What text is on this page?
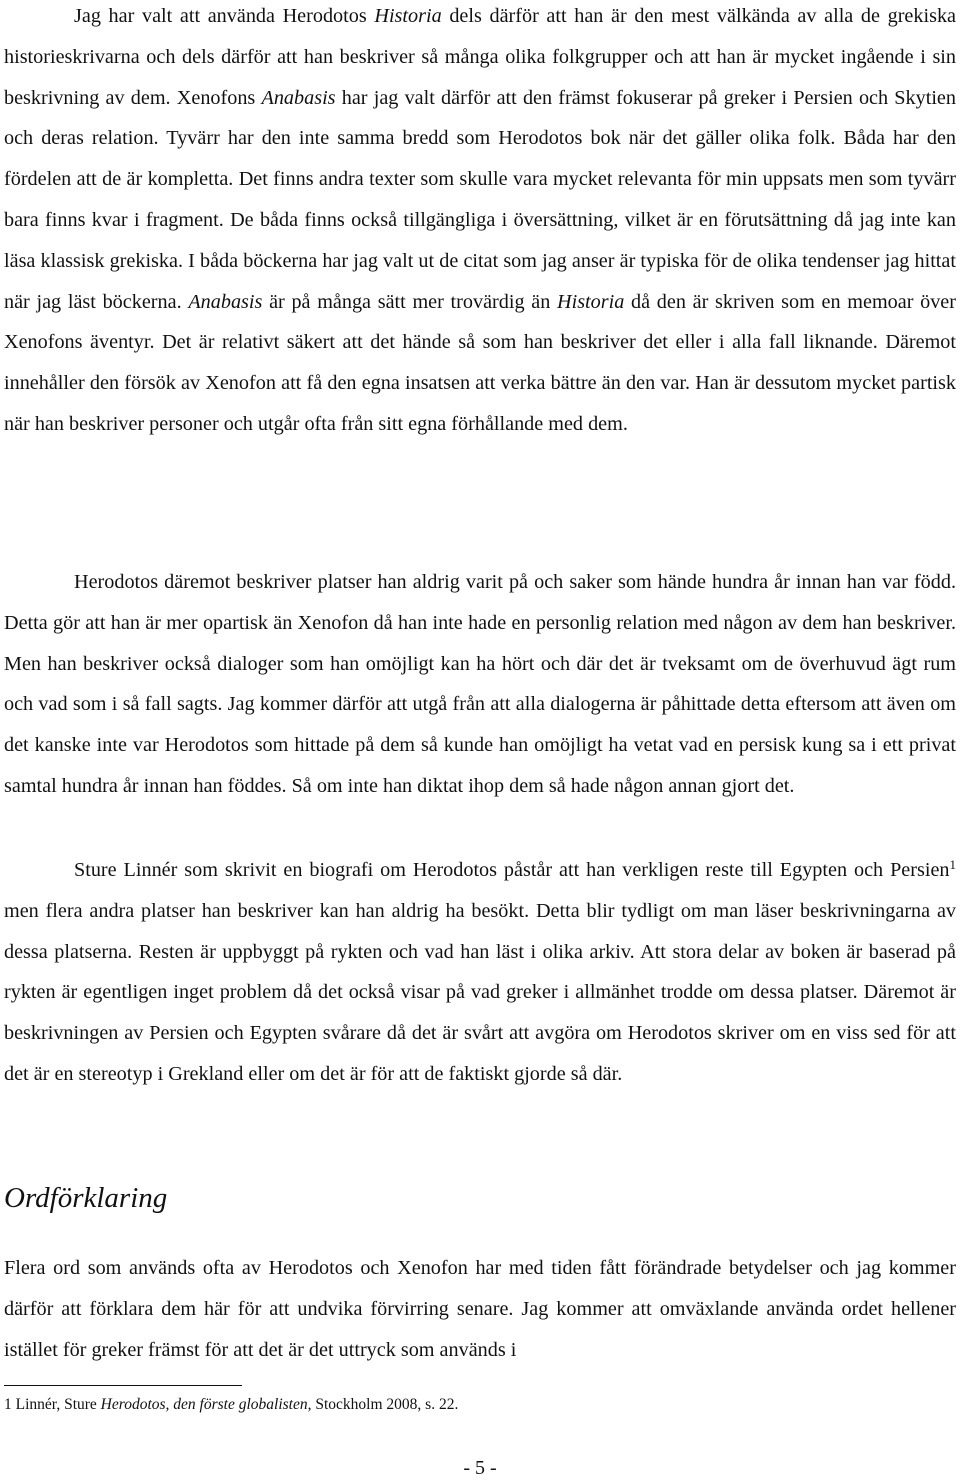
Jag har valt att använda Herodotos Historia dels därför att han är den mest välkända av alla de grekiska historieskrivarna och dels därför att han beskriver så många olika folkgrupper och att han är mycket ingående i sin beskrivning av dem. Xenofons Anabasis har jag valt därför att den främst fokuserar på greker i Persien och Skytien och deras relation. Tyvärr har den inte samma bredd som Herodotos bok när det gäller olika folk. Båda har den fördelen att de är kompletta. Det finns andra texter som skulle vara mycket relevanta för min uppsats men som tyvärr bara finns kvar i fragment. De båda finns också tillgängliga i översättning, vilket är en förutsättning då jag inte kan läsa klassisk grekiska. I båda böckerna har jag valt ut de citat som jag anser är typiska för de olika tendenser jag hittat när jag läst böckerna. Anabasis är på många sätt mer trovärdig än Historia då den är skriven som en memoar över Xenofons äventyr. Det är relativt säkert att det hände så som han beskriver det eller i alla fall liknande. Däremot innehåller den försök av Xenofon att få den egna insatsen att verka bättre än den var. Han är dessutom mycket partisk när han beskriver personer och utgår ofta från sitt egna förhållande med dem.

Herodotos däremot beskriver platser han aldrig varit på och saker som hände hundra år innan han var född. Detta gör att han är mer opartisk än Xenofon då han inte hade en personlig relation med någon av dem han beskriver. Men han beskriver också dialoger som han omöjligt kan ha hört och där det är tveksamt om de överhuvud ägt rum och vad som i så fall sagts. Jag kommer därför att utgå från att alla dialogerna är påhittade detta eftersom att även om det kanske inte var Herodotos som hittade på dem så kunde han omöjligt ha vetat vad en persisk kung sa i ett privat samtal hundra år innan han föddes. Så om inte han diktat ihop dem så hade någon annan gjort det.

Sture Linnér som skrivit en biografi om Herodotos påstår att han verkligen reste till Egypten och Persien$^1$ men flera andra platser han beskriver kan han aldrig ha besökt. Detta blir tydligt om man läser beskrivningarna av dessa platserna. Resten är uppbyggt på rykten och vad han läst i olika arkiv. Att stora delar av boken är baserad på rykten är egentligen inget problem då det också visar på vad greker i allmänhet trodde om dessa platser. Däremot är beskrivningen av Persien och Egypten svårare då det är svårt att avgöra om Herodotos skriver om en viss sed för att det är en stereotyp i Grekland eller om det är för att de faktiskt gjorde så där.

Ordförklaring

Flera ord som används ofta av Herodotos och Xenofon har med tiden fått förändrade betydelser och jag kommer därför att förklara dem här för att undvika förvirring senare. Jag kommer att omväxlande använda ordet hellener istället för greker främst för att det är det uttryck som används i

1 Linnér, Sture Herodotos, den förste globalisten, Stockholm 2008, s. 22.

- 5 -
